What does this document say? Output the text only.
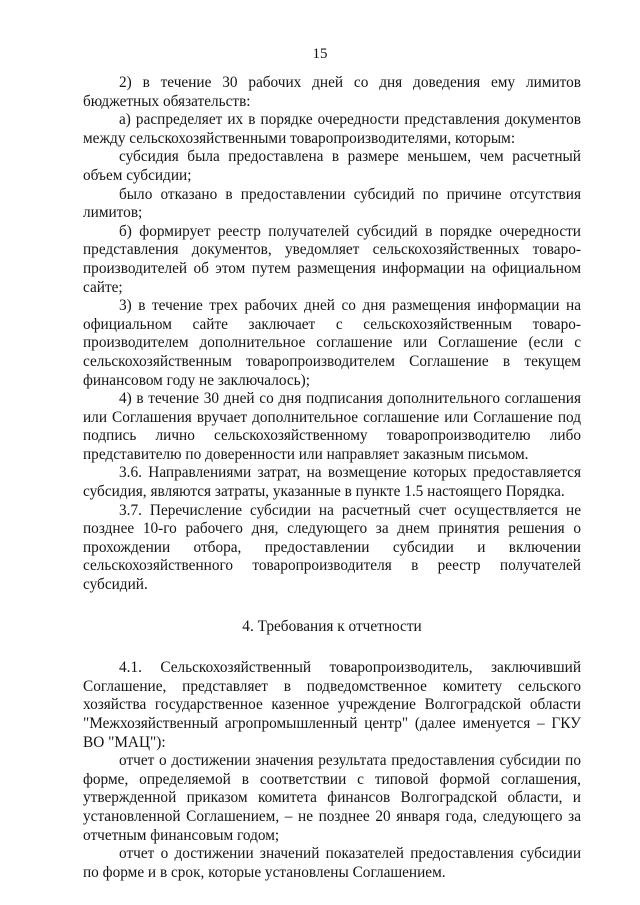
15

2) в течение 30 рабочих дней со дня доведения ему лимитов бюджетных обязательств:

а) распределяет их в порядке очередности представления документов между сельскохозяйственными товаропроизводителями, которым:

субсидия была предоставлена в размере меньшем, чем расчетный объем субсидии;

было отказано в предоставлении субсидий по причине отсутствия лимитов;

б) формирует реестр получателей субсидий в порядке очередности представления документов, уведомляет сельскохозяйственных товаро-производителей об этом путем размещения информации на официальном сайте;

3) в течение трех рабочих дней со дня размещения информации на официальном сайте заключает с сельскохозяйственным товаро-производителем дополнительное соглашение или Соглашение (если с сельскохозяйственным товаропроизводителем Соглашение в текущем финансовом году не заключалось);

4) в течение 30 дней со дня подписания дополнительного соглашения или Соглашения вручает дополнительное соглашение или Соглашение под подпись лично сельскохозяйственному товаропроизводителю либо представителю по доверенности или направляет заказным письмом.

3.6. Направлениями затрат, на возмещение которых предоставляется субсидия, являются затраты, указанные в пункте 1.5 настоящего Порядка.

3.7. Перечисление субсидии на расчетный счет осуществляется не позднее 10-го рабочего дня, следующего за днем принятия решения о прохождении отбора, предоставлении субсидии и включении сельскохозяйственного товаропроизводителя в реестр получателей субсидий.

4. Требования к отчетности

4.1. Сельскохозяйственный товаропроизводитель, заключивший Соглашение, представляет в подведомственное комитету сельского хозяйства государственное казенное учреждение Волгоградской области "Межхозяйственный агропромышленный центр" (далее именуется – ГКУ ВО "МАЦ"):

отчет о достижении значения результата предоставления субсидии по форме, определяемой в соответствии с типовой формой соглашения, утвержденной приказом комитета финансов Волгоградской области, и установленной Соглашением, – не позднее 20 января года, следующего за отчетным финансовым годом;

отчет о достижении значений показателей предоставления субсидии по форме и в срок, которые установлены Соглашением.
